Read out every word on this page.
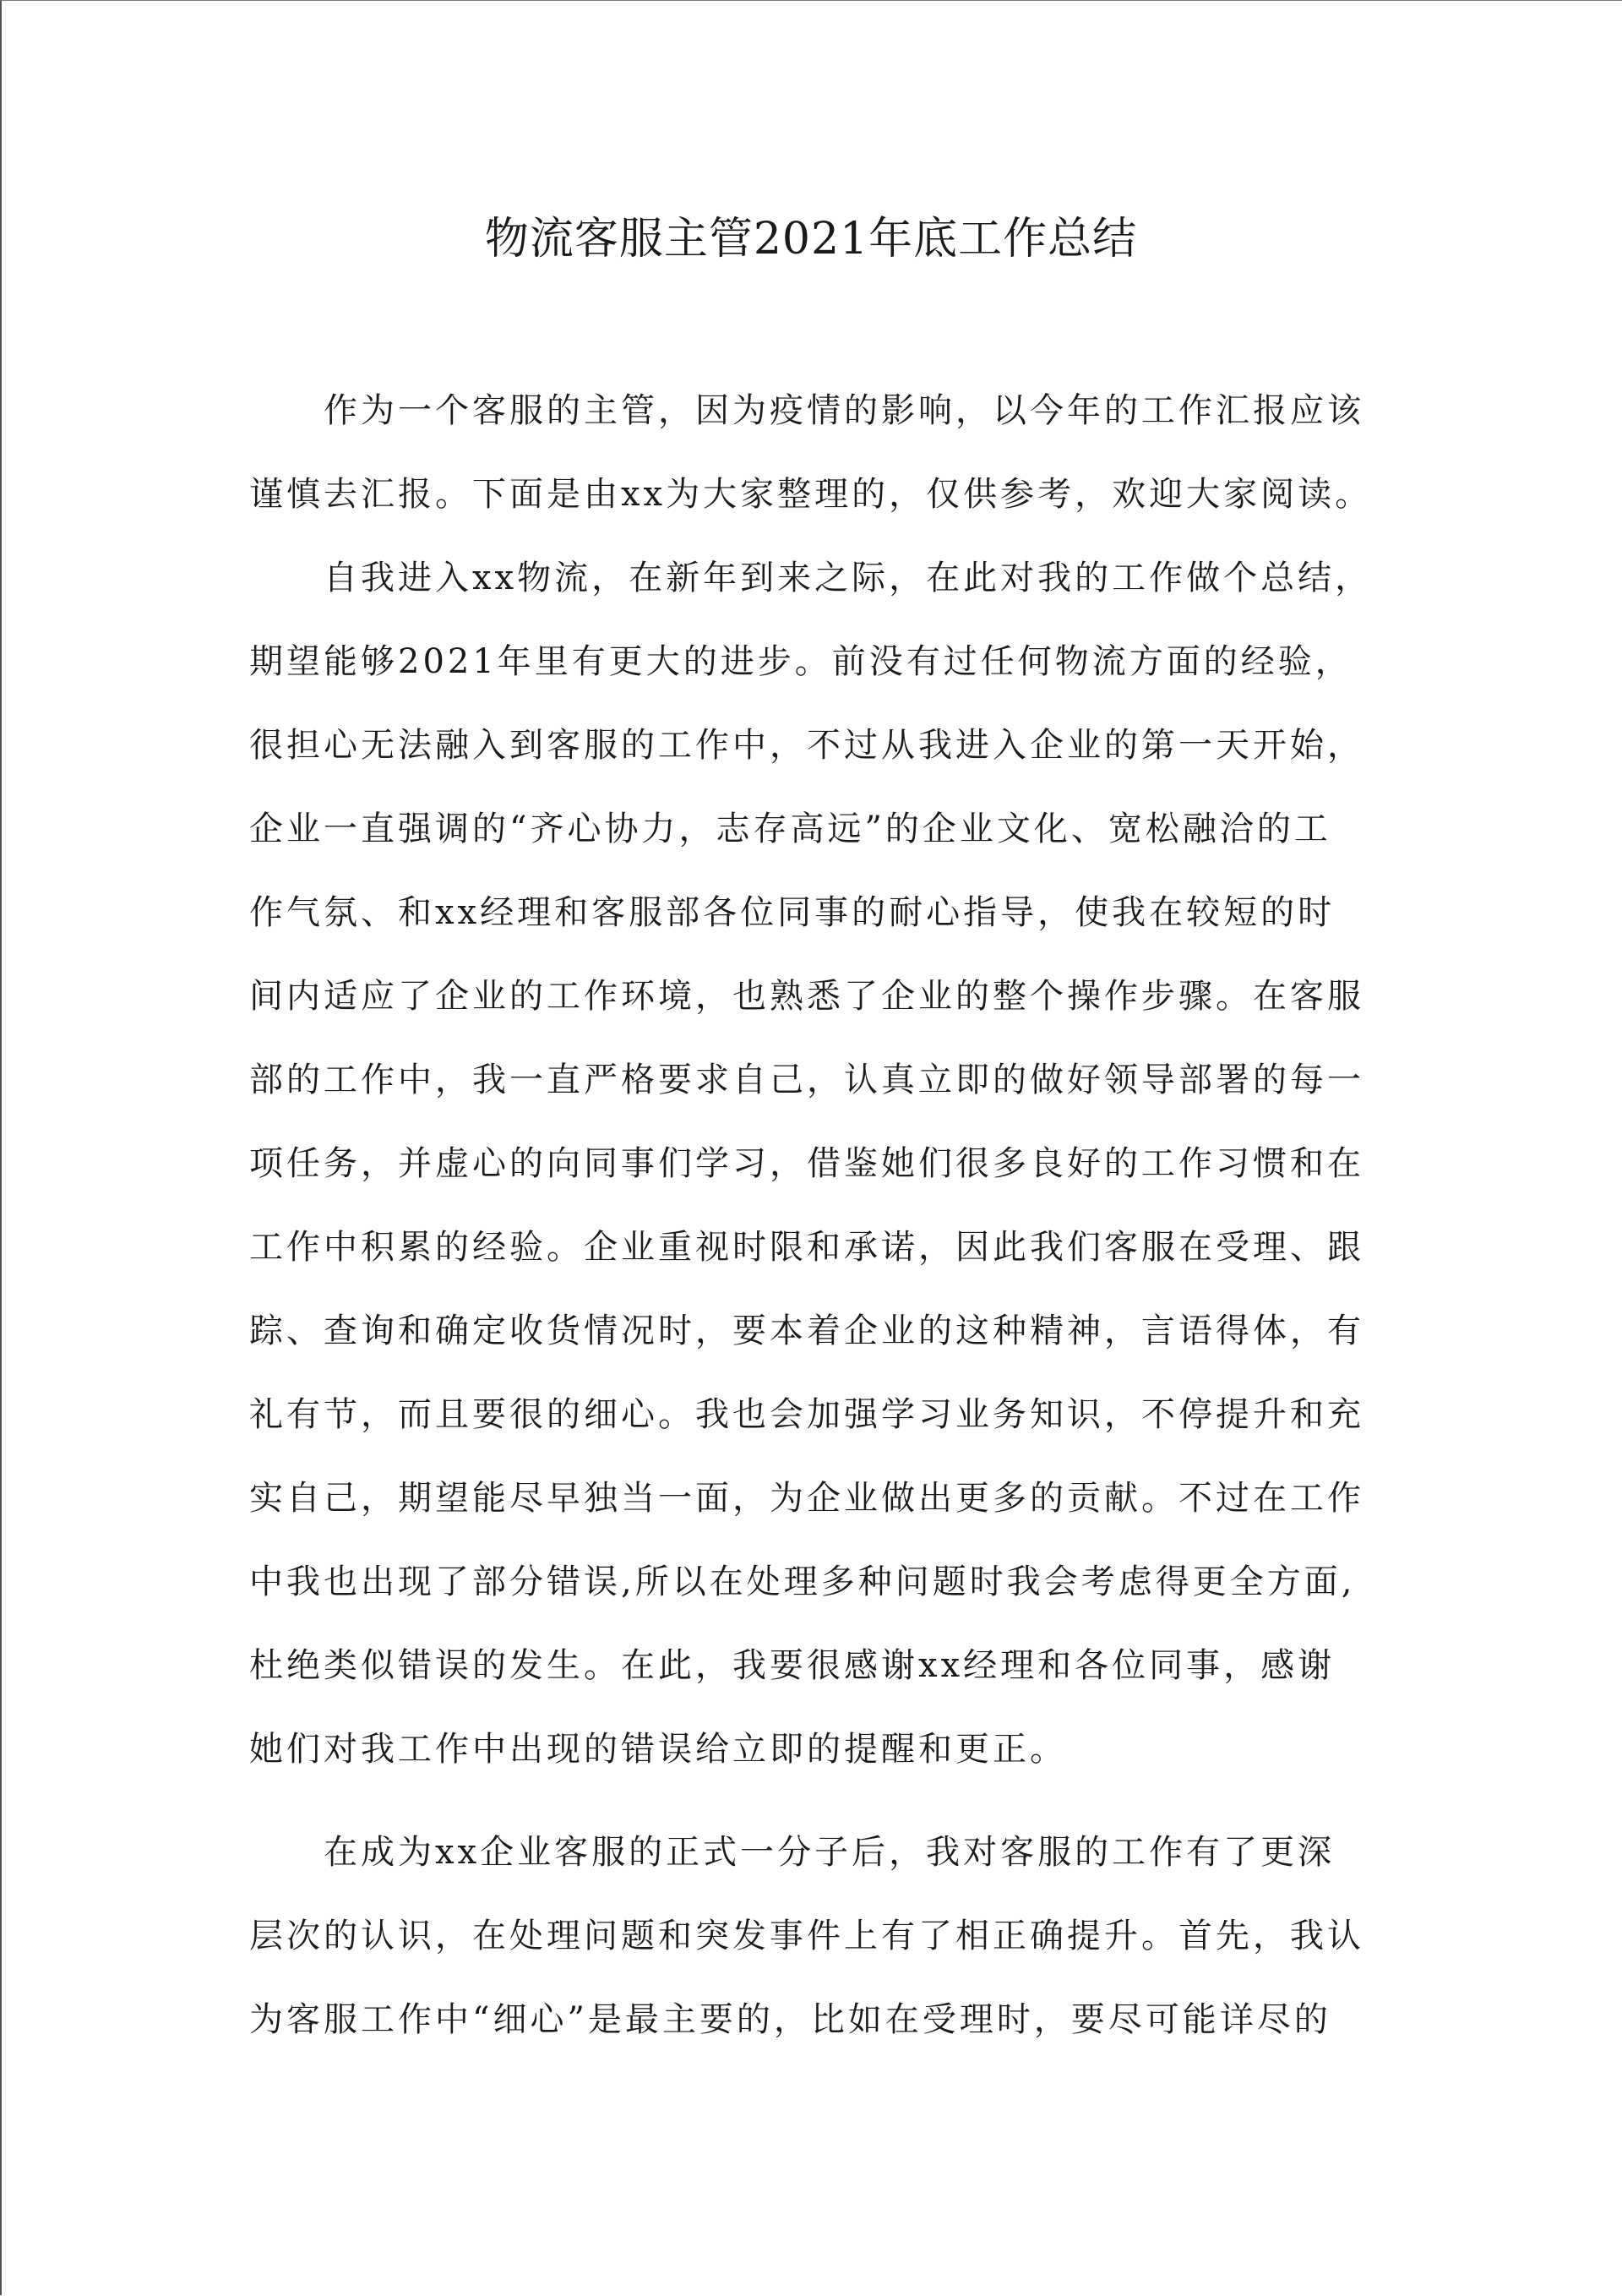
物流客服主管2021年底工作总结
作为一个客服的主管，因为疫情的影响，以今年的工作汇报应该
谨慎去汇报。下面是由xx为大家整理的，仅供参考，欢迎大家阅读。
自我进入xx物流，在新年到来之际，在此对我的工作做个总结，
期望能够2021年里有更大的进步。前没有过任何物流方面的经验，
很担心无法融入到客服的工作中，不过从我进入企业的第一天开始，
企业一直强调的“齐心协力，志存高远”的企业文化、宽松融洽的工
作气氛、和xx经理和客服部各位同事的耐心指导，使我在较短的时
间内适应了企业的工作环境，也熟悉了企业的整个操作步骤。在客服
部的工作中，我一直严格要求自己，认真立即的做好领导部署的每一
项任务，并虚心的向同事们学习，借鉴她们很多良好的工作习惯和在
工作中积累的经验。企业重视时限和承诺，因此我们客服在受理、跟
踪、查询和确定收货情况时，要本着企业的这种精神，言语得体，有
礼有节，而且要很的细心。我也会加强学习业务知识，不停提升和充
实自己，期望能尽早独当一面，为企业做出更多的贡献。不过在工作
中我也出现了部分错误,所以在处理多种问题时我会考虑得更全方面,
杜绝类似错误的发生。在此，我要很感谢xx经理和各位同事，感谢
她们对我工作中出现的错误给立即的提醒和更正。
在成为xx企业客服的正式一分子后，我对客服的工作有了更深
层次的认识，在处理问题和突发事件上有了相正确提升。首先，我认
为客服工作中“细心”是最主要的，比如在受理时，要尽可能详尽的
